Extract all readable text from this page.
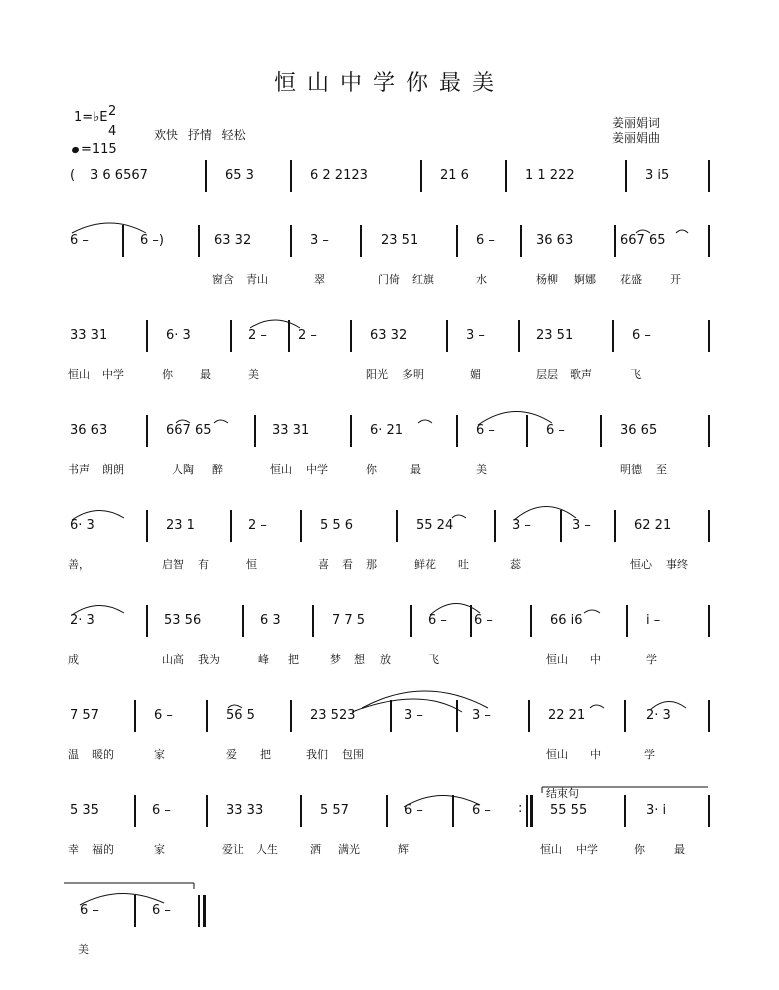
恒山中学你最美
1=♭E 2
4
=115
欢快 抒情 轻松
姜丽娟词
姜丽娟曲
( 3 6 6567	65 3	6 2 2123	21 6	1 1 222	3 i5
6 –	6 –)	63 32	3 –	23 51	6 –	36 63	667 65
窗含 青山	翠	门倚 红旗	水	杨柳 婀娜 花盛	开
33 31	6· 3	2 – 2 –	63 32	3 –	23 51	6 –
恒山 中学	你 最	美	阳光 多明	媚	层层 歌声	飞
36 63	667 65	33 31	6· 21	6 –	6 –	36 65
书声 朗朗	人陶 醉	恒山 中学	你	最	美	明德 至
6· 3	23 1	2 –	5 5 6	55 24	3 –	3 –	62 21
善，	启智 有	恒	喜 看 那	鲜花 吐	蕊	恒心 事终
2· 3	53 56	6 3	7 7 5	6 – 6 –	66 i6	i –
成	山高 我为	峰 把	梦 想 放	飞	恒山 中	学
7 57	6 –	56 5	23 523	3 –	3 –	22 21	2· 3
温 暖的	家	爱 把	我们 包围	恒山 中	学
结束句
5 35	6 –	33 33	5 57	6 –	6 – : 55 55	3· i
幸 福的	家	爱让 人生	洒 满光	辉	恒山 中学	你	最
6 –	6 –
美
